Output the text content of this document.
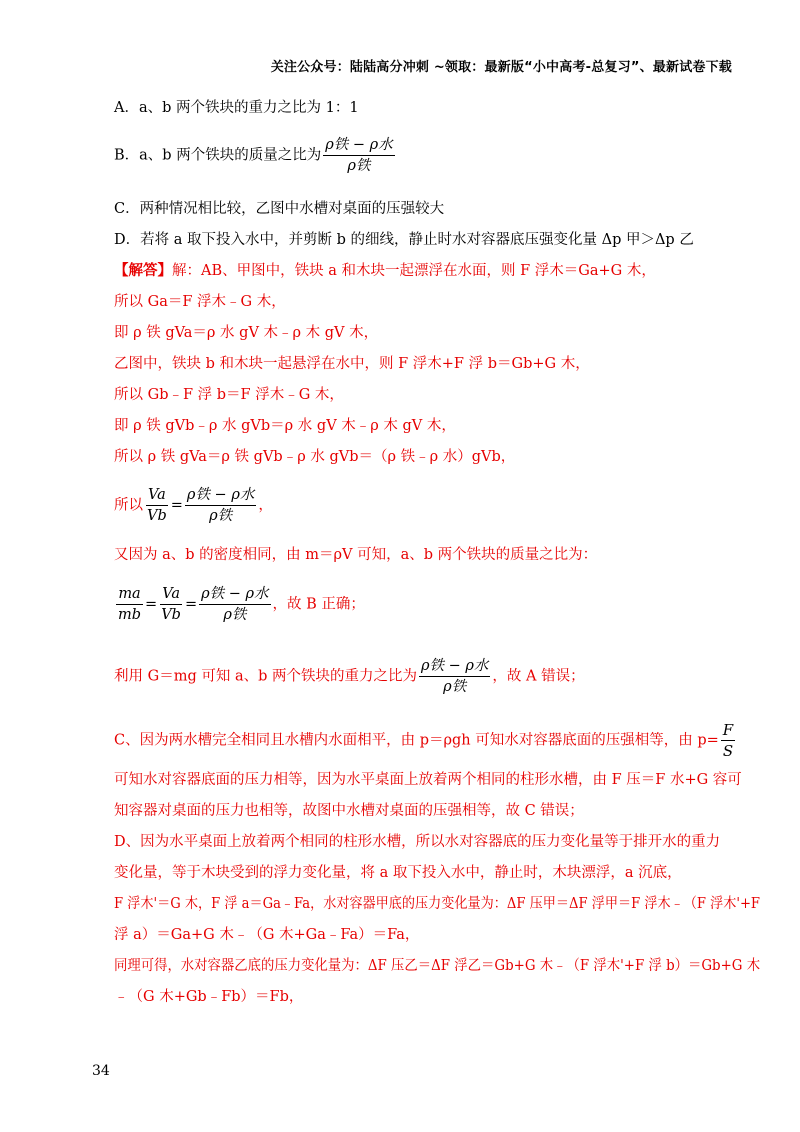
关注公众号：陆陆高分冲刺 ~领取：最新版“小中高考-总复习”、最新试卷下载
A．a、b 两个铁块的重力之比为 1：1
B．a、b 两个铁块的质量之比为 $\frac{\text{ρ铁 − ρ水}}{\text{ρ铁}}$
C．两种情况相比较，乙图中水槽对桌面的压强较大
D．若将 a 取下投入水中，并剪断 b 的细线，静止时水对容器底压强变化量 Δp 甲＞Δp 乙
【解答】解：AB、甲图中，铁块 a 和木块一起漂浮在水面，则 F 浮木＝Ga+G 木，
所以 Ga＝F 浮木﹣G 木，
即 ρ 铁 gVa＝ρ 水 gV 木﹣ρ 木 gV 木，
乙图中，铁块 b 和木块一起悬浮在水中，则 F 浮木+F 浮 b＝Gb+G 木，
所以 Gb﹣F 浮 b＝F 浮木﹣G 木，
即 ρ 铁 gVb﹣ρ 水 gVb＝ρ 水 gV 木﹣ρ 木 gV 木，
所以 ρ 铁 gVa＝ρ 铁 gVb﹣ρ 水 gVb＝（ρ 铁﹣ρ 水）gVb，
所以 $\frac{Va}{Vb} = \frac{\text{ρ铁 − ρ水}}{\text{ρ铁}}$ ，
又因为 a、b 的密度相同，由 m＝ρV 可知，a、b 两个铁块的质量之比为：
$\frac{ma}{mb} = \frac{Va}{Vb} = \frac{\text{ρ铁 − ρ水}}{\text{ρ铁}}$ ，故 B 正确；
利用 G＝mg 可知 a、b 两个铁块的重力之比为 $\frac{\text{ρ铁 − ρ水}}{\text{ρ铁}}$ ，故 A 错误；
C、因为两水槽完全相同且水槽内水面相平，由 p＝ρgh 可知水对容器底面的压强相等，由 $p= \frac{F}{S}$
可知水对容器底面的压力相等，因为水平桌面上放着两个相同的柱形水槽，由 F 压＝F 水+G 容可
知容器对桌面的压力也相等，故图中水槽对桌面的压强相等，故 C 错误；
D、因为水平桌面上放着两个相同的柱形水槽，所以水对容器底的压力变化量等于排开水的重力
变化量，等于木块受到的浮力变化量，将 a 取下投入水中，静止时，木块漂浮，a 沉底，
F 浮木'＝G 木，F 浮 a＝Ga﹣Fa，水对容器甲底的压力变化量为：ΔF 压甲＝ΔF 浮甲＝F 浮木﹣（F 浮木'+F
浮 a）＝Ga+G 木﹣（G 木+Ga﹣Fa）＝Fa，
同理可得，水对容器乙底的压力变化量为：ΔF 压乙＝ΔF 浮乙＝Gb+G 木﹣（F 浮木'+F 浮 b）＝Gb+G 木
﹣（G 木+Gb﹣Fb）＝Fb，
34
